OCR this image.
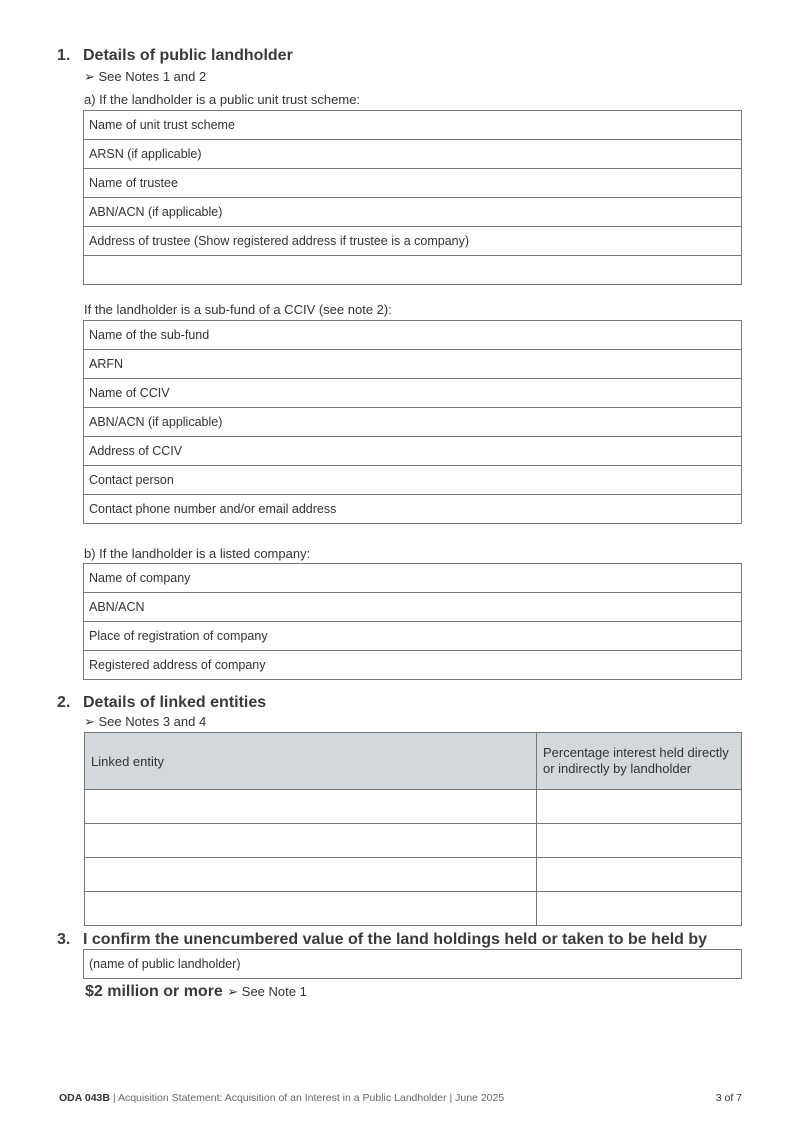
1. Details of public landholder
➢ See Notes 1 and 2
a) If the landholder is a public unit trust scheme:
Name of unit trust scheme
ARSN (if applicable)
Name of trustee
ABN/ACN (if applicable)
Address of trustee (Show registered address if trustee is a company)

If the landholder is a sub-fund of a CCIV (see note 2):
Name of the sub-fund
ARFN
Name of CCIV
ABN/ACN (if applicable)
Address of CCIV
Contact person
Contact phone number and/or email address
b) If the landholder is a listed company:
Name of company
ABN/ACN
Place of registration of company
Registered address of company
2. Details of linked entities
➢ See Notes 3 and 4
Linked entity	Percentage interest held directly or indirectly by landholder

3. I confirm the unencumbered value of the land holdings held or taken to be held by
(name of public landholder)
$2 million or more ➢ See Note 1
ODA 043B | Acquisition Statement: Acquisition of an Interest in a Public Landholder | June 2025	3 of 7
